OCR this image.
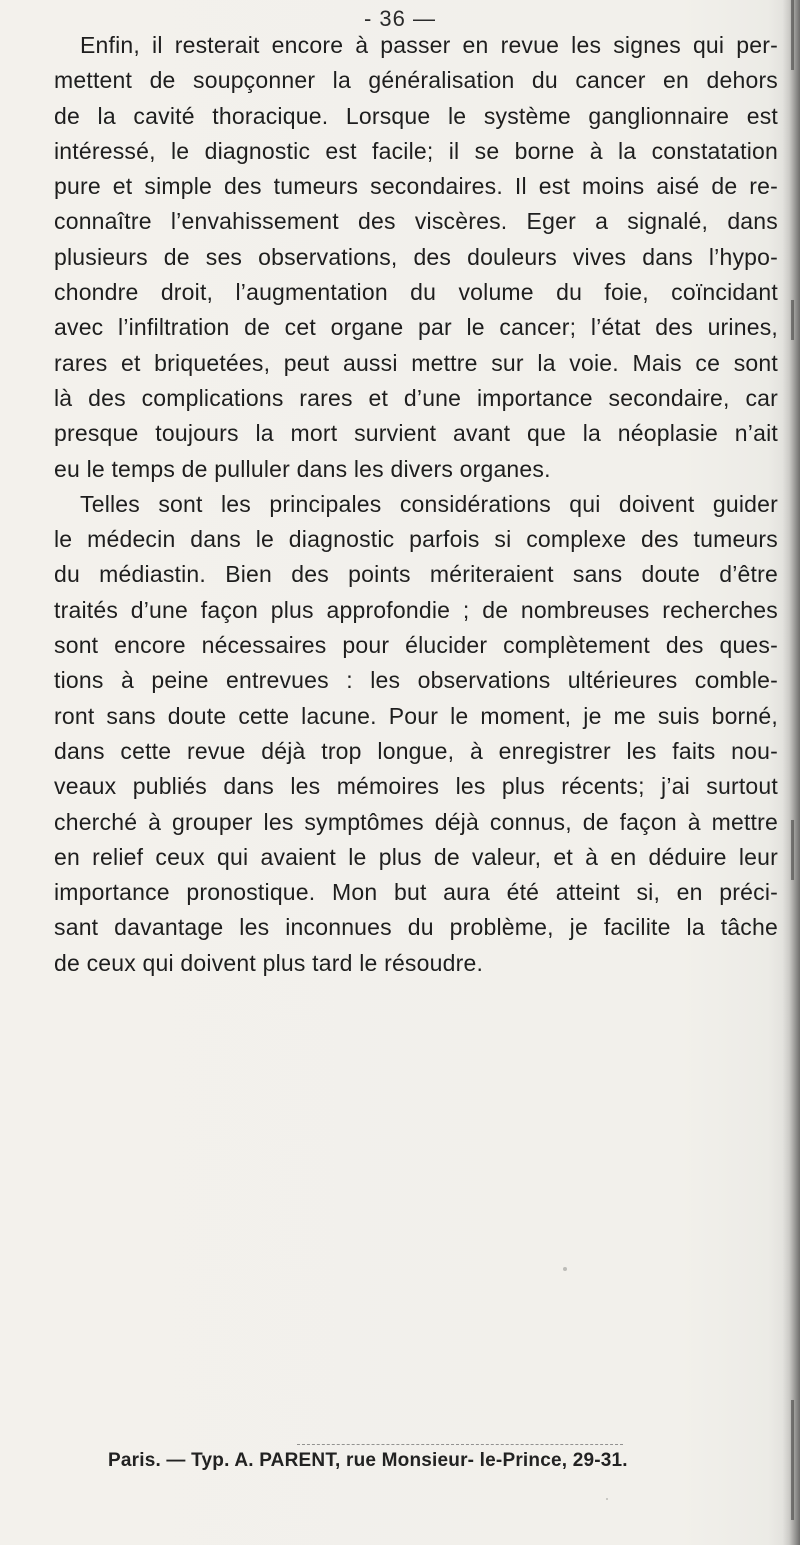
- 36 —
Enfin, il resterait encore à passer en revue les signes qui per-
mettent de soupçonner la généralisation du cancer en dehors
de la cavité thoracique. Lorsque le système ganglionnaire est
intéressé, le diagnostic est facile; il se borne à la constatation
pure et simple des tumeurs secondaires. Il est moins aisé de re-
connaître l’envahissement des viscères. Eger a signalé, dans
plusieurs de ses observations, des douleurs vives dans l’hypo-
chondre droit, l’augmentation du volume du foie, coïncidant
avec l’infiltration de cet organe par le cancer; l’état des urines,
rares et briquetées, peut aussi mettre sur la voie. Mais ce sont
là des complications rares et d’une importance secondaire, car
presque toujours la mort survient avant que la néoplasie n’ait
eu le temps de pulluler dans les divers organes.
Telles sont les principales considérations qui doivent guider
le médecin dans le diagnostic parfois si complexe des tumeurs
du médiastin. Bien des points mériteraient sans doute d’être
traités d’une façon plus approfondie ; de nombreuses recherches
sont encore nécessaires pour élucider complètement des ques-
tions à peine entrevues : les observations ultérieures comble-
ront sans doute cette lacune. Pour le moment, je me suis borné,
dans cette revue déjà trop longue, à enregistrer les faits nou-
veaux publiés dans les mémoires les plus récents; j’ai surtout
cherché à grouper les symptômes déjà connus, de façon à mettre
en relief ceux qui avaient le plus de valeur, et à en déduire leur
importance pronostique. Mon but aura été atteint si, en préci-
sant davantage les inconnues du problème, je facilite la tâche
de ceux qui doivent plus tard le résoudre.
Paris. — Typ. A. PARENT, rue Monsieur- le-Prince, 29-31.
